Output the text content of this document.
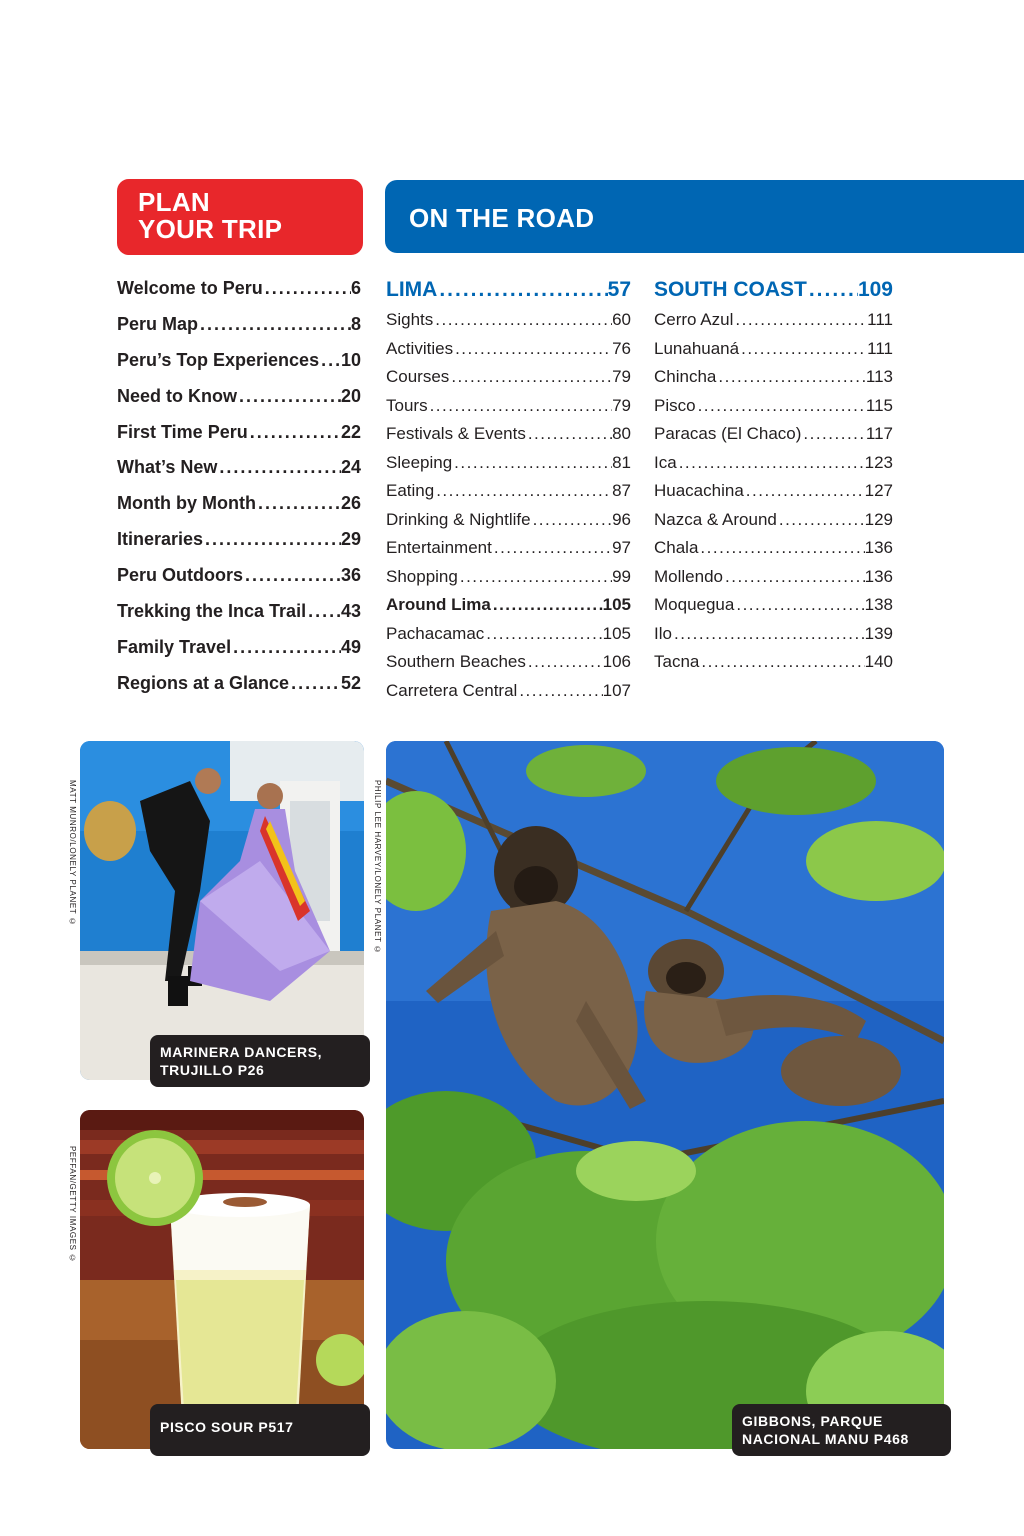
PLAN
YOUR TRIP	ON THE ROAD
Welcome to Peru .....	6
Peru Map .....	8
Peru’s Top Experiences ..... 10
Need to Know .....	20
First Time Peru .....	22
What’s New .....	24
Month by Month .....	26
Itineraries .....	29
Peru Outdoors .....	36
Trekking the Inca Trail ..... 43
Family Travel .....	49
Regions at a Glance .....	52
LIMA .....	57
Sights .....	60
Activities .....	76
Courses .....	79
Tours .....	79
Festivals & Events .....	80
Sleeping .....	81
Eating .....	87
Drinking & Nightlife .....	96
Entertainment .....	97
Shopping .....	99
Around Lima .....	105
Pachacamac .....	105
Southern Beaches .....	106
Carretera Central .....	107
SOUTH COAST ..... 109
Cerro Azul .....	111
Lunahuaná .....	111
Chincha .....	113
Pisco .....	115
Paracas (El Chaco) .....	117
Ica .....	123
Huacachina .....	127
Nazca & Around .....	129
Chala .....	136
Mollendo .....	136
Moquegua .....	138
Ilo .....	139
Tacna .....	140
MATT MUNRO/LONELY PLANET ©
MARINERA DANCERS,
TRUJILLO P26
PEFFAN/GETTY IMAGES ©
PISCO SOUR P517
PHILIP LEE HARVEY/LONELY PLANET ©
GIBBONS, PARQUE
NACIONAL MANU P468
